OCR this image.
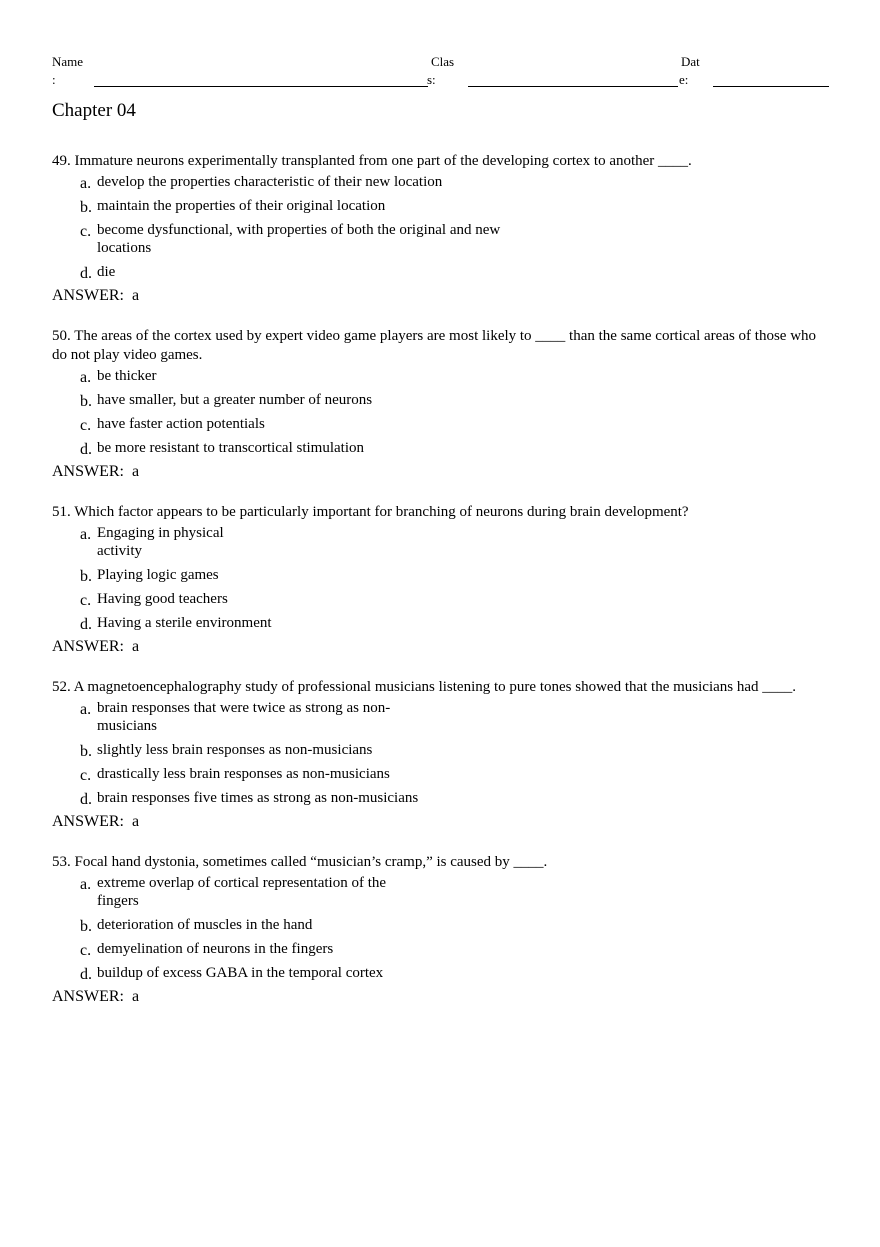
Name
:
Clas
s:
Dat
e:
Chapter 04
49. Immature neurons experimentally transplanted from one part of the developing cortex to another ____.
a. develop the properties characteristic of their new location
b. maintain the properties of their original location
c. become dysfunctional, with properties of both the original and new locations
d. die
ANSWER: a
50. The areas of the cortex used by expert video game players are most likely to ____ than the same cortical areas of those who do not play video games.
a. be thicker
b. have smaller, but a greater number of neurons
c. have faster action potentials
d. be more resistant to transcortical stimulation
ANSWER: a
51. Which factor appears to be particularly important for branching of neurons during brain development?
a. Engaging in physical activity
b. Playing logic games
c. Having good teachers
d. Having a sterile environment
ANSWER: a
52. A magnetoencephalography study of professional musicians listening to pure tones showed that the musicians had ____.
a. brain responses that were twice as strong as non-musicians
b. slightly less brain responses as non-musicians
c. drastically less brain responses as non-musicians
d. brain responses five times as strong as non-musicians
ANSWER: a
53. Focal hand dystonia, sometimes called “musician’s cramp,” is caused by ____.
a. extreme overlap of cortical representation of the fingers
b. deterioration of muscles in the hand
c. demyelination of neurons in the fingers
d. buildup of excess GABA in the temporal cortex
ANSWER: a
